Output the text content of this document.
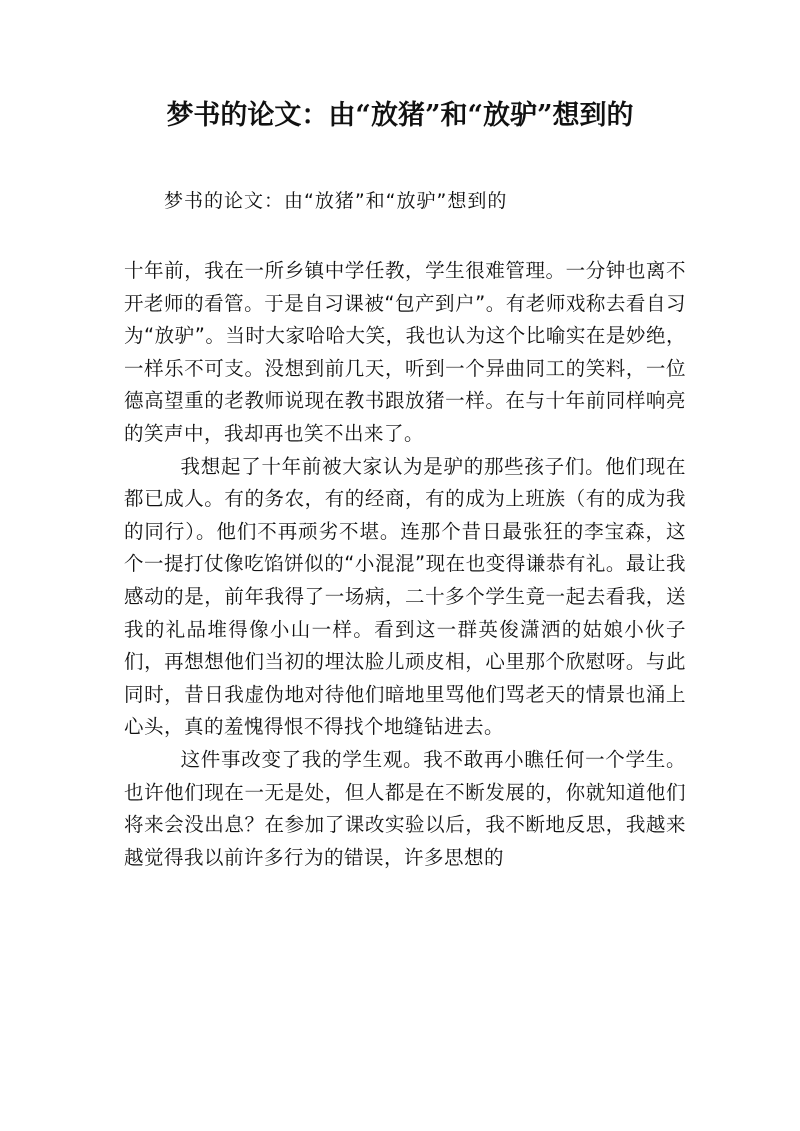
梦书的论文：由“放猪”和“放驴”想到的

梦书的论文：由“放猪”和“放驴”想到的

十年前，我在一所乡镇中学任教，学生很难管理。一分钟也离不开老师的看管。于是自习课被“包产到户”。有老师戏称去看自习为“放驴”。当时大家哈哈大笑，我也认为这个比喻实在是妙绝，一样乐不可支。没想到前几天，听到一个异曲同工的笑料，一位德高望重的老教师说现在教书跟放猪一样。在与十年前同样响亮的笑声中，我却再也笑不出来了。

我想起了十年前被大家认为是驴的那些孩子们。他们现在都已成人。有的务农，有的经商，有的成为上班族（有的成为我的同行）。他们不再顽劣不堪。连那个昔日最张狂的李宝森，这个一提打仗像吃馅饼似的“小混混”现在也变得谦恭有礼。最让我感动的是，前年我得了一场病，二十多个学生竟一起去看我，送我的礼品堆得像小山一样。看到这一群英俊潇洒的姑娘小伙子们，再想想他们当初的埋汰脸儿顽皮相，心里那个欣慰呀。与此同时，昔日我虚伪地对待他们暗地里骂他们骂老天的情景也涌上心头，真的羞愧得恨不得找个地缝钻进去。

这件事改变了我的学生观。我不敢再小瞧任何一个学生。也许他们现在一无是处，但人都是在不断发展的，你就知道他们将来会没出息？在参加了课改实验以后，我不断地反思，我越来越觉得我以前许多行为的错误，许多思想的
